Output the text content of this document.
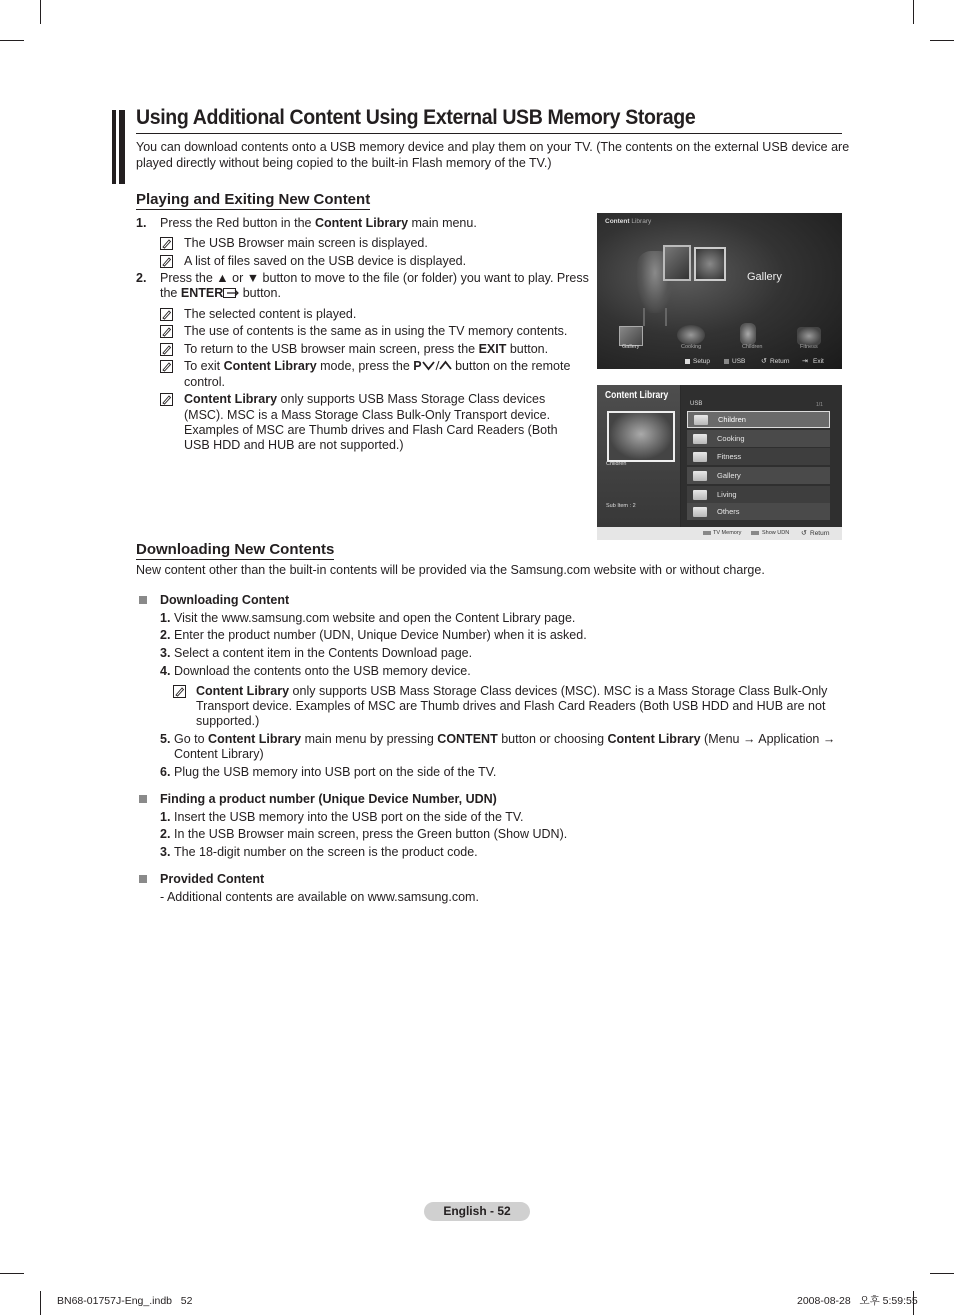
Using Additional Content Using External USB Memory Storage
You can download contents onto a USB memory device and play them on your TV. (The contents on the external USB device are
played directly without being copied to the built-in Flash memory of the TV.)
Playing and Exiting New Content
1. Press the Red button in the Content Library main menu.
The USB Browser main screen is displayed.
A list of files saved on the USB device is displayed.
2. Press the ▲ or ▼ button to move to the file (or folder) you want to play. Press
the ENTER button.
The selected content is played.
The use of contents is the same as in using the TV memory contents.
To return to the USB browser main screen, press the EXIT button.
To exit Content Library mode, press the P button on the remote
control.
Content Library only supports USB Mass Storage Class devices
(MSC). MSC is a Mass Storage Class Bulk-Only Transport device.
Examples of MSC are Thumb drives and Flash Card Readers (Both
USB HDD and HUB are not supported.)
Content Library
Gallery
Gallery	Cooking	Children	Fitness
Setup	USB ↺ Return ⇥ Exit
Content Library
Children
Sub Item : 2
USB	1/1
Children
Cooking
Fitness
Gallery
Living
Others
TV Memory	Show UDN ↺ Return
Downloading New Contents
New content other than the built-in contents will be provided via the Samsung.com website with or without charge.
Downloading Content
1. Visit the www.samsung.com website and open the Content Library page.
2. Enter the product number (UDN, Unique Device Number) when it is asked.
3. Select a content item in the Contents Download page.
4. Download the contents onto the USB memory device.
Content Library only supports USB Mass Storage Class devices (MSC). MSC is a Mass Storage Class Bulk-Only
Transport device. Examples of MSC are Thumb drives and Flash Card Readers (Both USB HDD and HUB are not
supported.)
5. Go to Content Library main menu by pressing CONTENT button or choosing Content Library (Menu → Application →
Content Library)
6. Plug the USB memory into USB port on the side of the TV.
Finding a product number (Unique Device Number, UDN)
1. Insert the USB memory into the USB port on the side of the TV.
2. In the USB Browser main screen, press the Green button (Show UDN).
3. The 18-digit number on the screen is the product code.
Provided Content
- Additional contents are available on www.samsung.com.
English - 52
BN68-01757J-Eng_.indb   52	2008-08-28   오후 5:59:55
